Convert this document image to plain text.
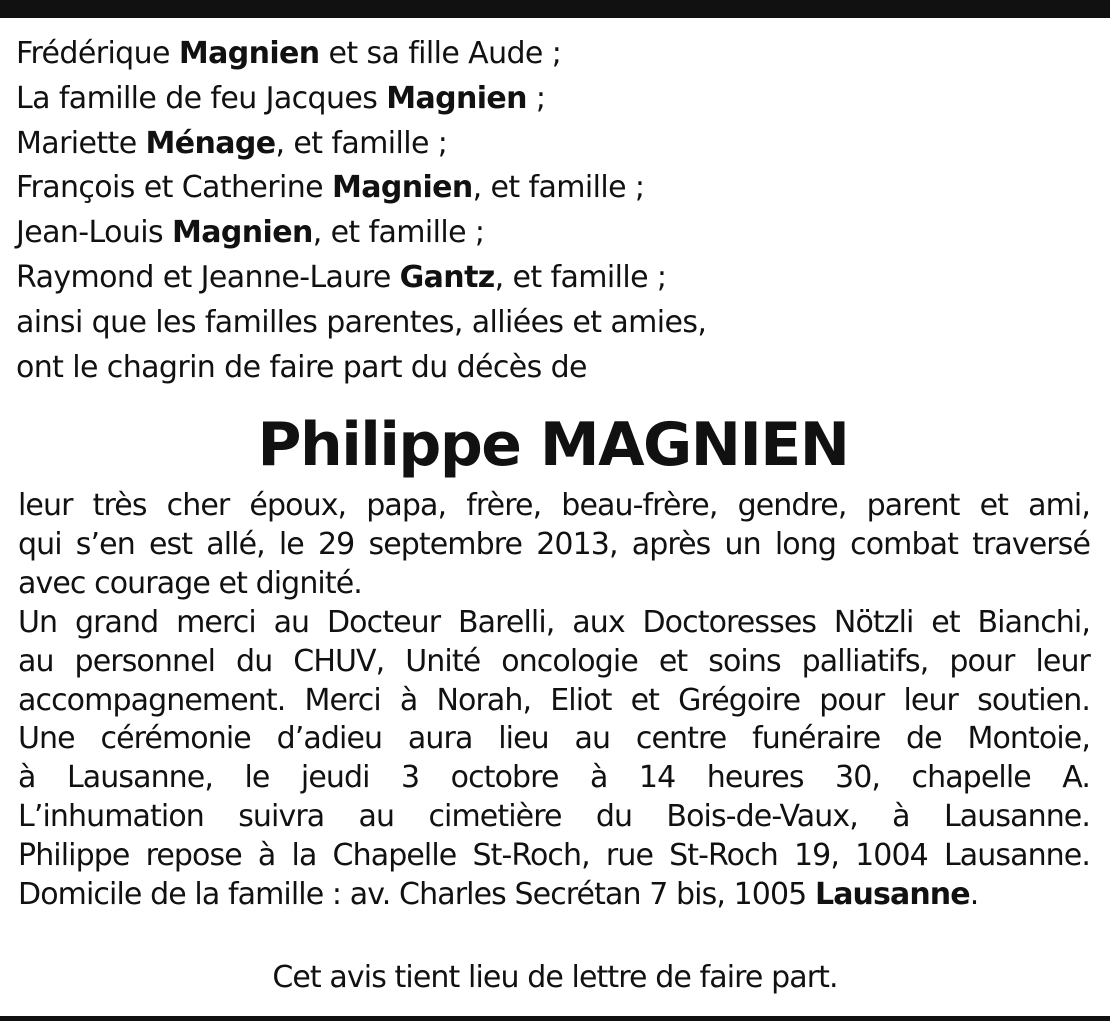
Frédérique Magnien et sa fille Aude ;
La famille de feu Jacques Magnien ;
Mariette Ménage, et famille ;
François et Catherine Magnien, et famille ;
Jean-Louis Magnien, et famille ;
Raymond et Jeanne-Laure Gantz, et famille ;
ainsi que les familles parentes, alliées et amies,
ont le chagrin de faire part du décès de
Philippe MAGNIEN
leur très cher époux, papa, frère, beau-frère, gendre, parent et ami,
qui s’en est allé, le 29 septembre 2013, après un long combat traversé
avec courage et dignité.
Un grand merci au Docteur Barelli, aux Doctoresses Nötzli et Bianchi,
au personnel du CHUV, Unité oncologie et soins palliatifs, pour leur
accompagnement. Merci à Norah, Eliot et Grégoire pour leur soutien.
Une cérémonie d’adieu aura lieu au centre funéraire de Montoie,
à Lausanne, le jeudi 3 octobre à 14 heures 30, chapelle A.
L’inhumation suivra au cimetière du Bois-de-Vaux, à Lausanne.
Philippe repose à la Chapelle St-Roch, rue St-Roch 19, 1004 Lausanne.
Domicile de la famille : av. Charles Secrétan 7 bis, 1005 Lausanne.
Cet avis tient lieu de lettre de faire part.
